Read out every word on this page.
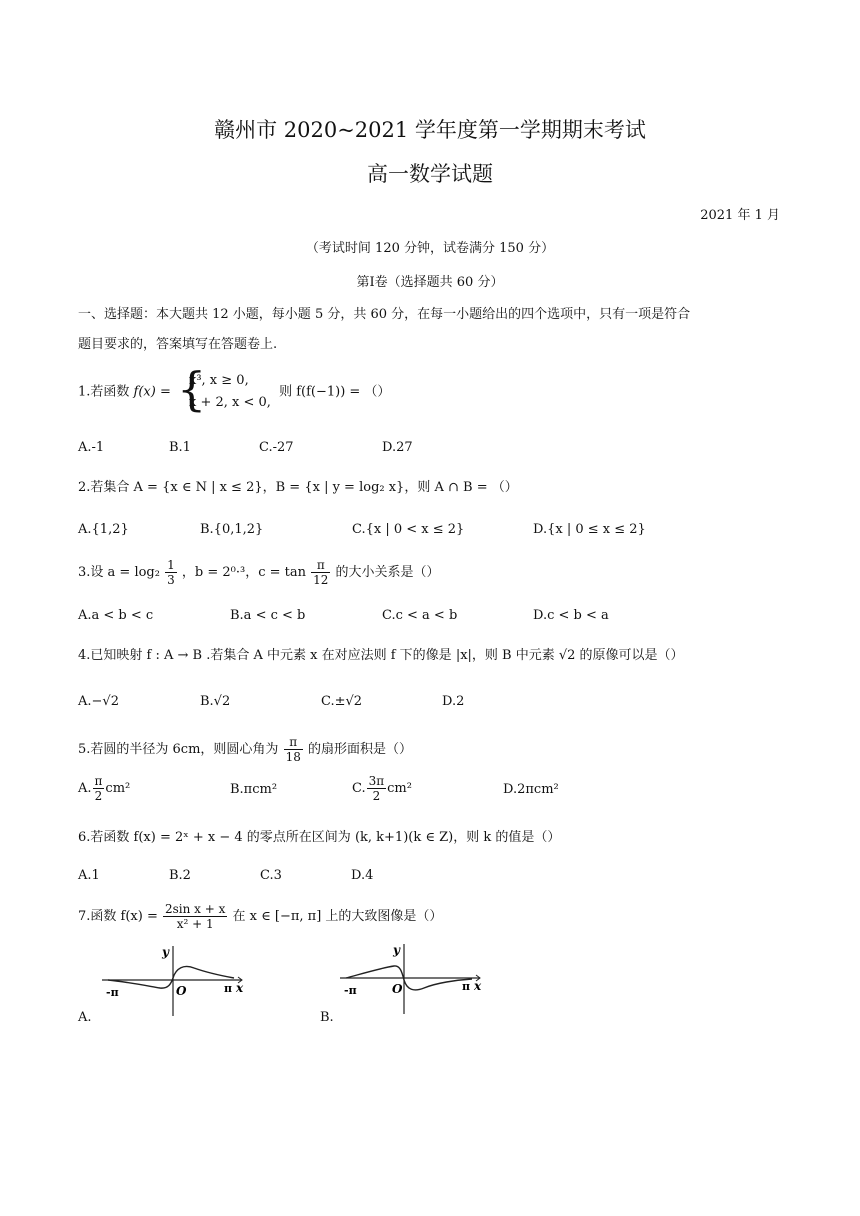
赣州市 2020~2021 学年度第一学期期末考试
高一数学试题
2021 年 1 月
（考试时间 120 分钟，试卷满分 150 分）
第Ⅰ卷（选择题共 60 分）
一、选择题：本大题共 12 小题，每小题 5 分，共 60 分，在每一小题给出的四个选项中，只有一项是符合
题目要求的，答案填写在答题卷上.
1.若函数 f(x) = {
x³, x ≥ 0,
x + 2, x < 0,
则 f(f(−1)) = （）
A.-1	B.1	C.-27	D.27
2.若集合 A = {x ∈ N | x ≤ 2}，B = {x | y = log₂ x}，则 A ∩ B = （）
A.{1,2}	B.{0,1,2}	C.{x | 0 < x ≤ 2}	D.{x | 0 ≤ x ≤ 2}
3.设 $a = \log_2 \frac{1}{3}$ ，b = 2⁰·³，$c = \tan \frac{\pi}{12}$ 的大小关系是（）
A.a < b < c	B.a < c < b	C.c < a < b	D.c < b < a
4.已知映射 f : A → B .若集合 A 中元素 x 在对应法则 f 下的像是 |x|，则 B 中元素 √2 的原像可以是（）
A.−√2	B.√2	C.±√2	D.2
5.若圆的半径为 6cm，则圆心角为 $\frac{\pi}{18}$ 的扇形面积是（）
A. $\frac{\pi}{2} cm^2$	B.πcm²	C. $\frac{3\pi}{2} cm^2$	D.2πcm²
6.若函数 f(x) = 2ˣ + x − 4 的零点所在区间为 (k, k+1)(k ∈ Z)，则 k 的值是（）
A.1	B.2	C.3	D.4
7.函数 $f(x) = \frac{\text{2sin x + x}}{\text{x² + 1}}$ 在 x ∈ [−π, π] 上的大致图像是（）
y
-π	O	π x
A.
y
-π	O	π x
B.
